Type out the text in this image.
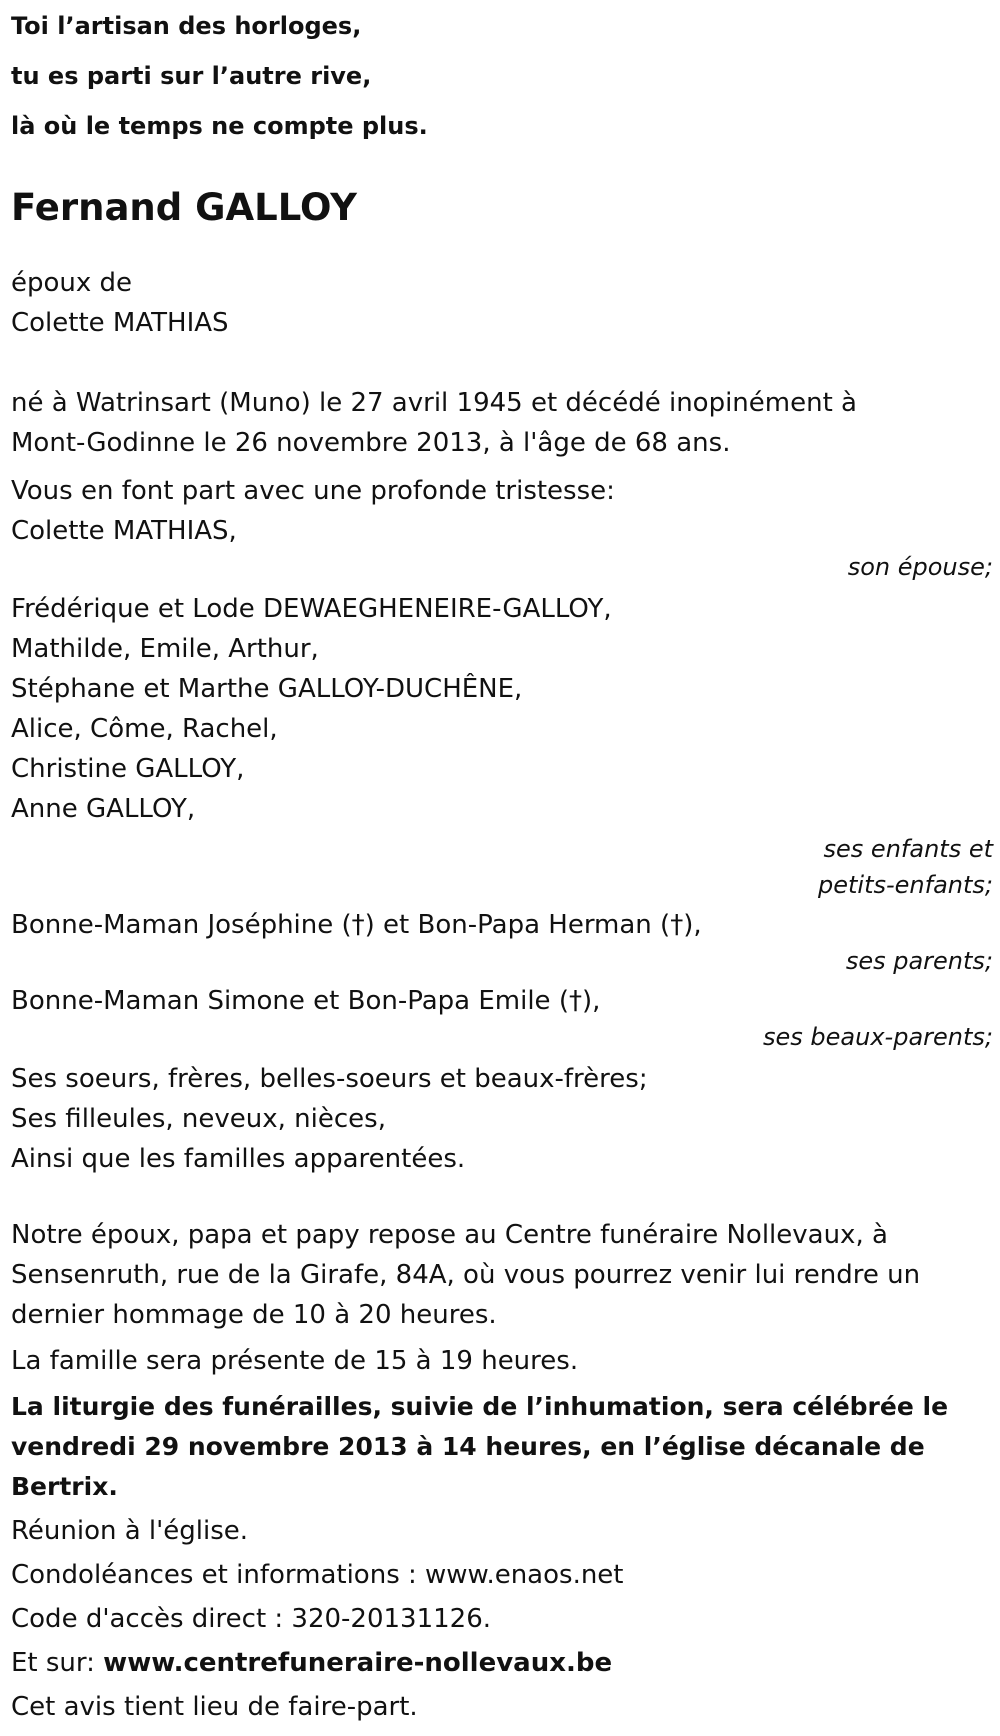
Toi l’artisan des horloges,
tu es parti sur l’autre rive,
là où le temps ne compte plus.
Fernand GALLOY
époux de
Colette MATHIAS
né à Watrinsart (Muno) le 27 avril 1945 et décédé inopinément à
Mont-Godinne le 26 novembre 2013, à l'âge de 68 ans.
Vous en font part avec une profonde tristesse:
Colette MATHIAS,
son épouse;
Frédérique et Lode DEWAEGHENEIRE-GALLOY,
Mathilde, Emile, Arthur,
Stéphane et Marthe GALLOY-DUCHÊNE,
Alice, Côme, Rachel,
Christine GALLOY,
Anne GALLOY,
ses enfants et
petits-enfants;
Bonne-Maman Joséphine (†) et Bon-Papa Herman (†),
ses parents;
Bonne-Maman Simone et Bon-Papa Emile (†),
ses beaux-parents;
Ses soeurs, frères, belles-soeurs et beaux-frères;
Ses filleules, neveux, nièces,
Ainsi que les familles apparentées.
Notre époux, papa et papy repose au Centre funéraire Nollevaux, à
Sensenruth, rue de la Girafe, 84A, où vous pourrez venir lui rendre un
dernier hommage de 10 à 20 heures.
La famille sera présente de 15 à 19 heures.
La liturgie des funérailles, suivie de l’inhumation, sera célébrée le
vendredi 29 novembre 2013 à 14 heures, en l’église décanale de
Bertrix.
Réunion à l'église.
Condoléances et informations : www.enaos.net
Code d'accès direct : 320-20131126.
Et sur: www.centrefuneraire-nollevaux.be
Cet avis tient lieu de faire-part.
